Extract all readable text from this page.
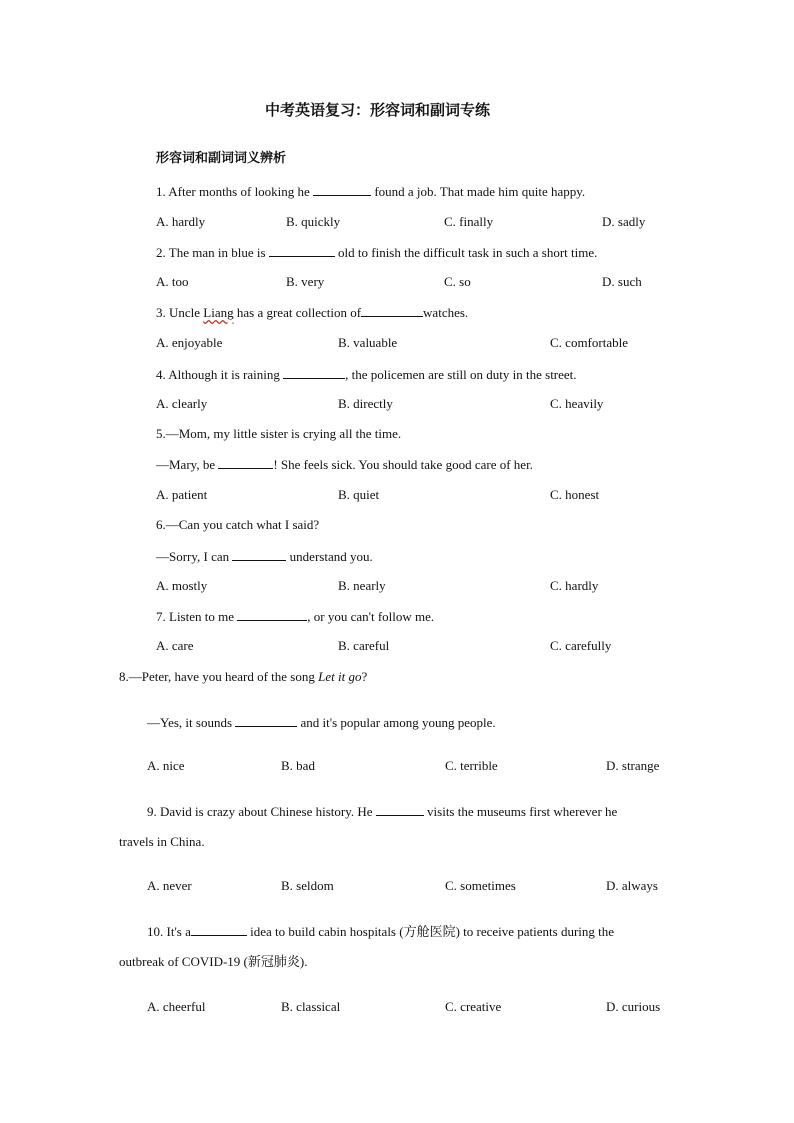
中考英语复习：形容词和副词专练
形容词和副词词义辨析
1. After months of looking he	found a job. That made him quite happy.
A. hardly	B. quickly	C. finally	D. sadly
2. The man in blue is	old to finish the difficult task in such a short time.
A. too	B. very	C. so	D. such
3. Uncle Liang has a great collection of	watches.
A. enjoyable	B. valuable	C. comfortable
4. Although it is raining	, the policemen are still on duty in the street.
A. clearly	B. directly	C. heavily
5.—Mom, my little sister is crying all the time.
—Mary, be	! She feels sick. You should take good care of her.
A. patient	B. quiet	C. honest
6.—Can you catch what I said?
—Sorry, I can	understand you.
A. mostly	B. nearly	C. hardly
7. Listen to me	, or you can't follow me.
A. care	B. careful	C. carefully
8.—Peter, have you heard of the song Let it go?
—Yes, it sounds	and it's popular among young people.
A. nice	B. bad	C. terrible	D. strange
9. David is crazy about Chinese history. He	visits the museums first wherever he
travels in China.
A. never	B. seldom	C. sometimes	D. always
10. It's a	idea to build cabin hospitals (方舱医院) to receive patients during the
outbreak of COVID-19 (新冠肺炎).
A. cheerful	B. classical	C. creative	D. curious
